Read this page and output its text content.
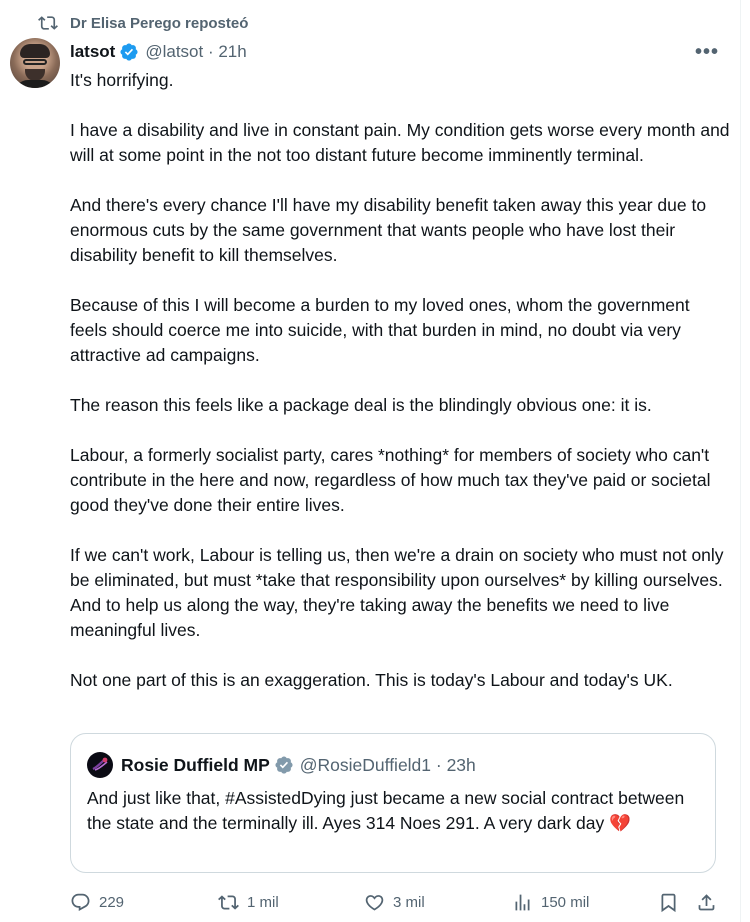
Dr Elisa Perego reposteó
latsot @latsot · 21h	•••

It's horrifying.

I have a disability and live in constant pain. My condition gets worse every month and will at some point in the not too distant future become imminently terminal.

And there's every chance I'll have my disability benefit taken away this year due to enormous cuts by the same government that wants people who have lost their disability benefit to kill themselves.

Because of this I will become a burden to my loved ones, whom the government feels should coerce me into suicide, with that burden in mind, no doubt via very attractive ad campaigns.

The reason this feels like a package deal is the blindingly obvious one: it is.

Labour, a formerly socialist party, cares *nothing* for members of society who can't contribute in the here and now, regardless of how much tax they've paid or societal good they've done their entire lives.

If we can't work, Labour is telling us, then we're a drain on society who must not only be eliminated, but must *take that responsibility upon ourselves* by killing ourselves. And to help us along the way, they're taking away the benefits we need to live meaningful lives.

Not one part of this is an exaggeration. This is today's Labour and today's UK.

Rosie Duffield MP @RosieDuffield1 · 23h
And just like that, #AssistedDying just became a new social contract between the state and the terminally ill. Ayes 314 Noes 291. A very dark day 💔
229	1 mil	3 mil	150 mil
